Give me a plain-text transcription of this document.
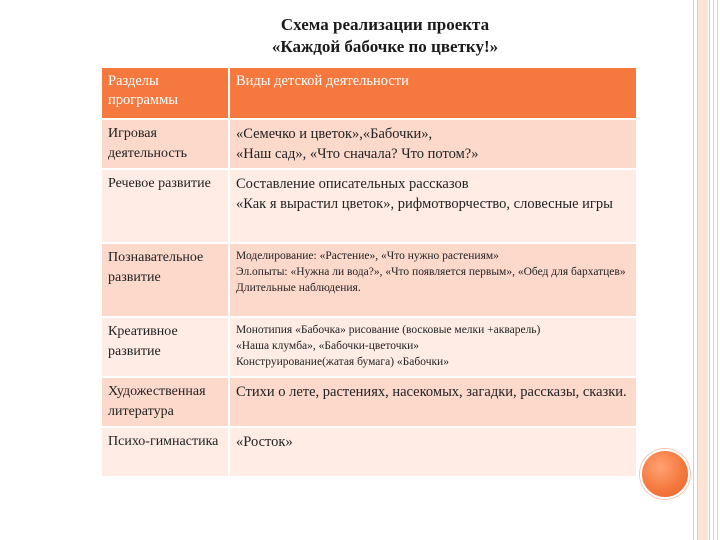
Схема реализации проекта
«Каждой бабочке по цветку!»
Разделы программы	Виды детской деятельности
Игровая деятельность	«Семечко и цветок»,«Бабочки»,
«Наш сад», «Что сначала? Что потом?»

Речевое развитие	Составление описательных рассказов
«Как я вырастил цветок», рифмотворчество, словесные игры

Познавательное развитие	Моделирование: «Растение», «Что нужно растениям»
Эл.опыты: «Нужна ли вода?», «Что появляется первым», «Обед для бархатцев»
Длительные наблюдения.

Креативное развитие	Монотипия «Бабочка» рисование (восковые мелки +акварель)
«Наша клумба», «Бабочки-цветочки»
Конструирование(жатая бумага) «Бабочки»

Художественная литература	Стихи о лете, растениях, насекомых, загадки, рассказы, сказки.

Психо-гимнастика	«Росток»
